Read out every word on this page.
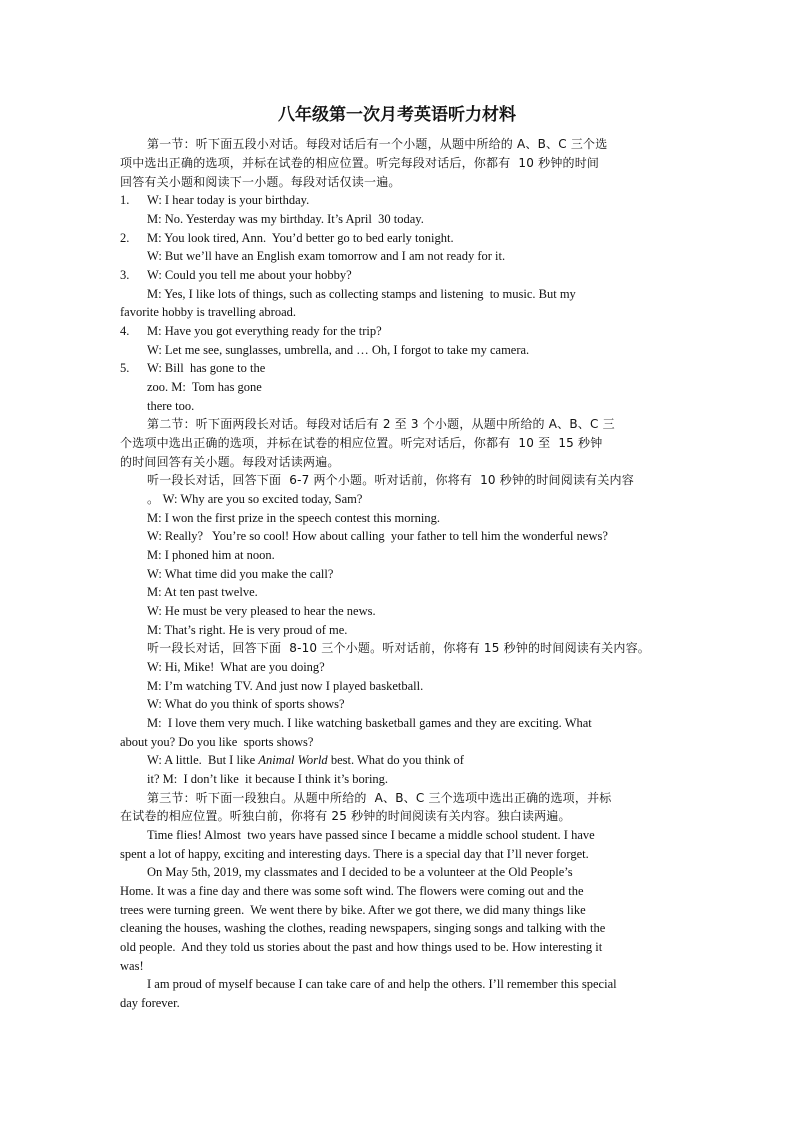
八年级第一次月考英语听力材料
第一节：听下面五段小对话。每段对话后有一个小题，从题中所给的 A、B、C 三个选
项中选出正确的选项，并标在试卷的相应位置。听完每段对话后，你都有  10 秒钟的时间
回答有关小题和阅读下一小题。每段对话仅读一遍。
1. W: I hear today is your birthday.
M: No. Yesterday was my birthday. It’s April  30 today.
2. M: You look tired, Ann.  You’d better go to bed early tonight.
W: But we’ll have an English exam tomorrow and I am not ready for it.
3. W: Could you tell me about your hobby?
M: Yes, I like lots of things, such as collecting stamps and listening  to music. But my
favorite hobby is travelling abroad.
4. M: Have you got everything ready for the trip?
W: Let me see, sunglasses, umbrella, and … Oh, I forgot to take my camera.
5. W: Bill  has gone to the
zoo. M:  Tom has gone
there too.
第二节：听下面两段长对话。每段对话后有 2 至 3 个小题，从题中所给的 A、B、C 三
个选项中选出正确的选项，并标在试卷的相应位置。听完对话后，你都有  10 至  15 秒钟
的时间回答有关小题。每段对话读两遍。
听一段长对话，回答下面  6-7 两个小题。听对话前，你将有  10 秒钟的时间阅读有关内容
。 W: Why are you so excited today, Sam?
M: I won the first prize in the speech contest this morning.
W: Really?   You’re so cool! How about calling  your father to tell him the wonderful news?
M: I phoned him at noon.
W: What time did you make the call?
M: At ten past twelve.
W: He must be very pleased to hear the news.
M: That’s right. He is very proud of me.
听一段长对话，回答下面  8-10 三个小题。听对话前，你将有 15 秒钟的时间阅读有关内容。
W: Hi, Mike!  What are you doing?
M: I’m watching TV. And just now I played basketball.
W: What do you think of sports shows?
M:  I love them very much. I like watching basketball games and they are exciting. What
about you? Do you like  sports shows?
W: A little.  But I like Animal World best. What do you think of
it? M:  I don’t like  it because I think it’s boring.
第三节：听下面一段独白。从题中所给的  A、B、C 三个选项中选出正确的选项，并标
在试卷的相应位置。听独白前，你将有 25 秒钟的时间阅读有关内容。独白读两遍。
Time flies! Almost  two years have passed since I became a middle school student. I have
spent a lot of happy, exciting and interesting days. There is a special day that I’ll never forget.
On May 5th, 2019, my classmates and I decided to be a volunteer at the Old People’s
Home. It was a fine day and there was some soft wind. The flowers were coming out and the
trees were turning green.  We went there by bike. After we got there, we did many things like
cleaning the houses, washing the clothes, reading newspapers, singing songs and talking with the
old people.  And they told us stories about the past and how things used to be. How interesting it
was!
I am proud of myself because I can take care of and help the others. I’ll remember this special
day forever.
